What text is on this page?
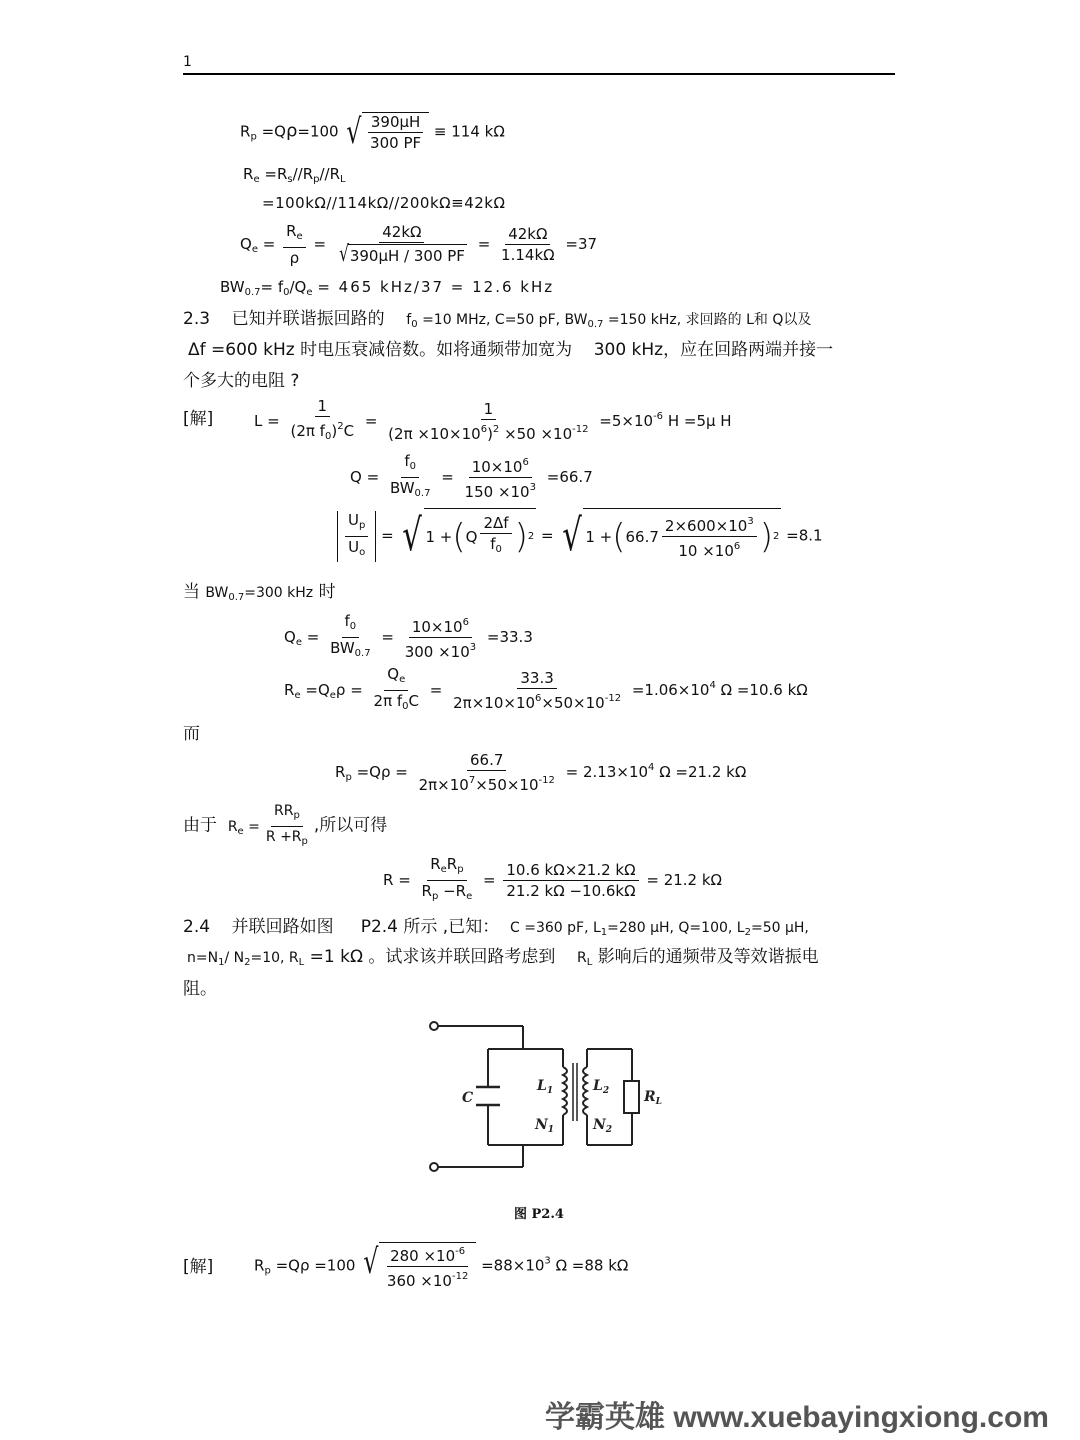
1
$R_p =Q\rho=100$ √ $\frac{390\mu H}{300 PF} \equiv 114$ kΩ
$R_e =R_s//R_p//R_L$
=100kΩ//114kΩ//200kΩ≡42kΩ
$Q_e = \frac{R_e}{\rho} = \frac{42k\Omega}{√ 390\mu H / 300 PF} = \frac{42k\Omega}{1.14k\Omega} =37$
$BW_{0.7}= f_0/Q_e = 465$ kHz/37 = 12.6 kHz
2.3 已知并联谐振回路的 $f_0 =10$ MHz, C=50 pF, $BW_{0.7} =150$ kHz, 求回路的 L和 Q以及
Δf =600 kHz 时电压衰减倍数。如将通频带加宽为 300 kHz，应在回路两端并接一
个多大的电阻 ?
[解]	$L = \frac{1}{(2\pi f_0)^2C} = \frac{1}{(2\pi \times 10\times 10^6)^2 \times 50 \times 10^{-12}} =5\times 10^{-6}$ H =5μ H
$Q = \frac{f_0}{BW_{0.7}} = \frac{10\times 10^6}{150 \times 10^3} =66.7$
$\frac{U_p}{U_o}$ = √ 1 + ( Q $\frac{2\Delta f}{f_0}$ ) 2 = √ 1 + ( $66.7 \frac{2\times 600\times 10^3}{10 \times 10^6}$ ) 2 =8.1
当 $BW_{0.7}=300$ kHz 时
$Q_e = \frac{f_0}{BW_{0.7}} = \frac{10\times 10^6}{300 \times 10^3} =33.3$
$R_e =Q_e\rho = \frac{Q_e}{2\pi f_0C} = \frac{33.3}{2\pi\times 10\times 10^6\times 50\times 10^{-12}} =1.06\times 10^4$ Ω =10.6 kΩ
而
$R_p =Q\rho = \frac{66.7}{2\pi\times 10^7\times 50\times 10^{-12}} = 2.13\times 10^4$ Ω =21.2 kΩ
由于 $R_e = \frac{RR_p}{R +R_p}$ ,所以可得
$R = \frac{R_eR_p}{R_p -R_e} = \frac{10.6 k\Omega\times 21.2 k\Omega}{21.2 k\Omega -10.6k\Omega} = 21.2$ kΩ
2.4 并联回路如图 P2.4 所示 ,已知： C =360 pF, $L_1=280$ μH, Q=100, $L_2=50$ μH,
$n=N_1/$ $N_2=10$, $R_L =1$ kΩ 。试求该并联回路考虑到 $R_L$ 影响后的通频带及等效谐振电
阻。
C
$L_1$
$N_1$
$L_2$
$N_2$
$R_L$
图 P2.4
[解]	$R_p =Q\rho =100$ √ $\frac{280 \times 10^{-6}}{360 \times 10^{-12}} =88\times 10^3$ Ω =88 kΩ
学霸英雄 www.xuebayingxiong.com
